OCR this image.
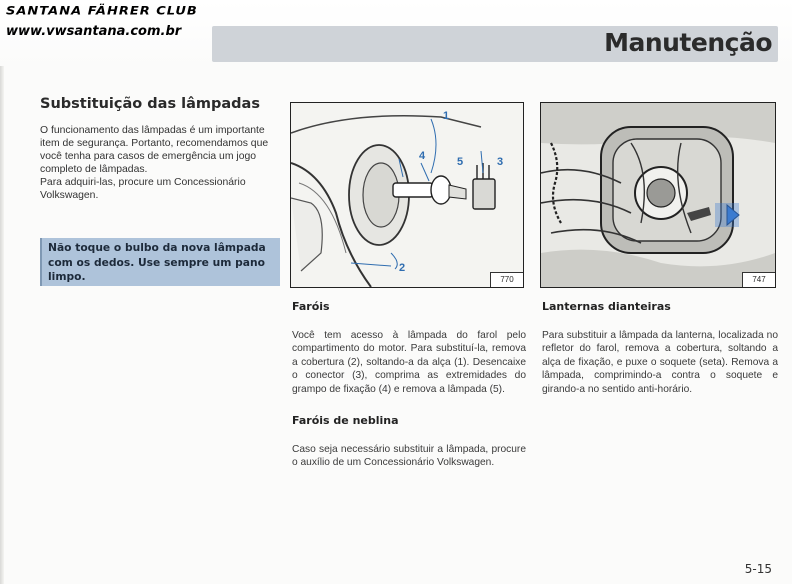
SANTANA FÄHRER CLUB
www.vwsantana.com.br	Manutenção
Substituição das lâmpadas

O funcionamento das lâmpadas é um importante item de segurança. Portanto, recomendamos que você tenha para casos de emergência um jogo completo de lâmpadas.

Para adquiri-las, procure um Concessionário Volkswagen.

Não toque o bulbo da nova lâmpada com os dedos. Use sempre um pano limpo.
1
2
3
4	5
770	747
Faróis

Você tem acesso à lâmpada do farol pelo compartimento do motor. Para substituí-la, remova a cobertura (2), soltando-a da alça (1). Desencaixe o conector (3), comprima as extremidades do grampo de fixação (4) e remova a lâmpada (5).

Faróis de neblina

Caso seja necessário substituir a lâmpada, procure o auxílio de um Concessionário Volkswagen.

Lanternas dianteiras

Para substituir a lâmpada da lanterna, localizada no refletor do farol, remova a cobertura, soltando a alça de fixação, e puxe o soquete (seta). Remova a lâmpada, comprimindo-a contra o soquete e girando-a no sentido anti-horário.

5-15
